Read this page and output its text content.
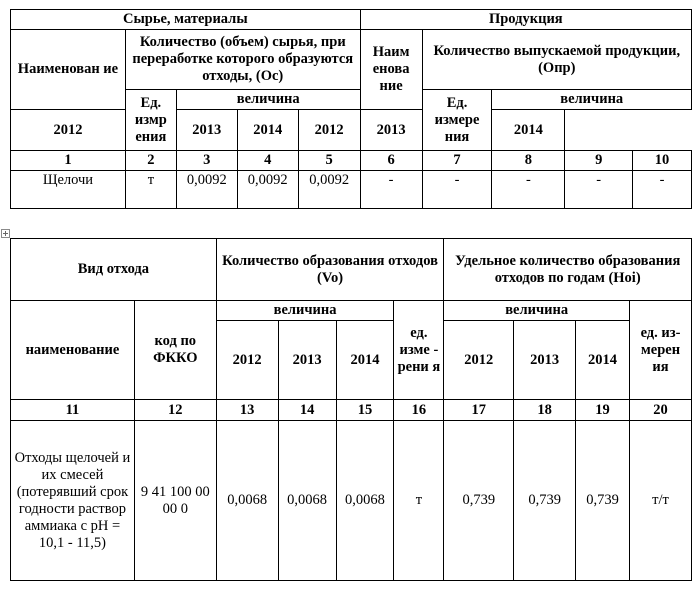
Сырье, материалы					Продукция				
Наименован ие	Количество (объем) сырья, при переработке которого образуются отходы, (Ос)				Наим енова ние	Количество выпускаемой продукции, (Опр)			
	Ед. измр ения	величина				Ед. измере ния	величина		
2012		2013	2014	2012	2013		2014		
1	2	3	4	5	6	7	8	9	10
Щелочи	т	0,0092	0,0092	0,0092	-	-	-	-	-
Вид отхода		Количество образования отходов (Vo)				Удельное количество образования отходов по годам (Hoi)			
наименование	код по ФККО	величина			ед. изме - рени я	величина			ед. из- мерен ия
		2012	2013	2014		2012	2013	2014	
11	12	13	14	15	16	17	18	19	20
Отходы щелочей и их смесей (потерявший срок годности раствор аммиака с рН = 10,1 - 11,5)	9 41 100 00 00 0	0,0068	0,0068	0,0068	т	0,739	0,739	0,739	т/т
